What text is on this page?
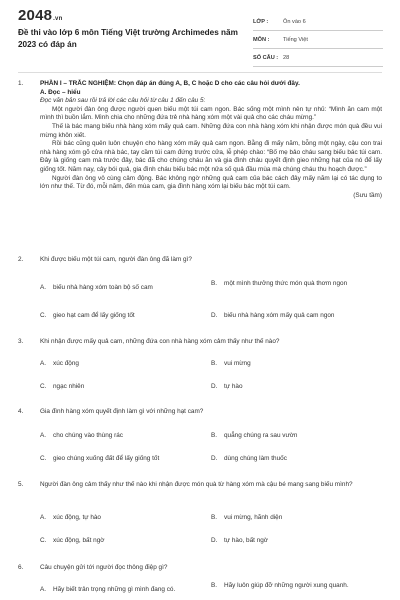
2048.vn
Đề thi vào lớp 6 môn Tiếng Việt trường Archimedes năm 2023 có đáp án
LỚP :	Ôn vào 6
MÔN :	Tiếng Việt
SỐ CÂU : 28
1.	PHẦN I – TRẮC NGHIỆM: Chọn đáp án đúng A, B, C hoặc D cho các câu hỏi dưới đây.
A. Đọc – hiểu
Đọc văn bản sau rồi trả lời các câu hỏi từ câu 1 đến câu 5:
Một người đàn ông được người quen biếu một túi cam ngon. Bác sống một mình nên tự nhủ: “Mình ăn cam một mình thì buồn lắm. Mình chia cho những đứa trẻ nhà hàng xóm một vài quả cho các cháu mừng.”
Thế là bác mang biếu nhà hàng xóm mấy quả cam. Những đứa con nhà hàng xóm khi nhận được món quà đều vui mừng khôn xiết.
Rồi bác cũng quên luôn chuyện cho hàng xóm mấy quả cam ngon. Bằng đi mấy năm, bỗng một ngày, cậu con trai nhà hàng xóm gõ cửa nhà bác, tay cầm túi cam đứng trước cửa, lễ phép chào: “Bố mẹ bảo cháu sang biếu bác túi cam. Đây là giống cam mà trước đây, bác đã cho chúng cháu ăn và gia đình cháu quyết định gieo những hạt của nó để lấy giống tốt. Năm nay, cây bói quả, gia đình cháu biếu bác một nửa số quả đầu mùa mà chúng cháu thu hoạch được.”
Người đàn ông vô cùng cảm động. Bác không ngờ những quả cam của bác cách đây mấy năm lại có tác dụng to lớn như thế. Từ đó, mỗi năm, đến mùa cam, gia đình hàng xóm lại biếu bác một túi cam.
(Sưu tầm)
2.	Khi được biếu một túi cam, người đàn ông đã làm gì?
A.	biếu nhà hàng xóm toàn bộ số cam
B.	một mình thưởng thức món quà thơm ngon
C.	gieo hạt cam để lấy giống tốt	D.	biếu nhà hàng xóm mấy quả cam ngon
3.	Khi nhận được mấy quả cam, những đứa con nhà hàng xóm cảm thấy như thế nào?
A.	xúc động	B.	vui mừng
C.	ngạc nhiên	D.	tự hào
4.	Gia đình hàng xóm quyết định làm gì với những hạt cam?
A.	cho chúng vào thùng rác	B.	quẳng chúng ra sau vườn
C.	gieo chúng xuống đất để lấy giống tốt	D.	dùng chúng làm thuốc
5.	Người đàn ông cảm thấy như thế nào khi nhận được món quà từ hàng xóm mà cậu bé mang sang biếu mình?
A.	xúc động, tự hào	B.	vui mừng, hãnh diện
C.	xúc động, bất ngờ	D.	tự hào, bất ngờ
6.	Câu chuyện gửi tới người đọc thông điệp gì?
A.	Hãy biết trân trọng những gì mình đang có.
B.	Hãy luôn giúp đỡ những người xung quanh.
